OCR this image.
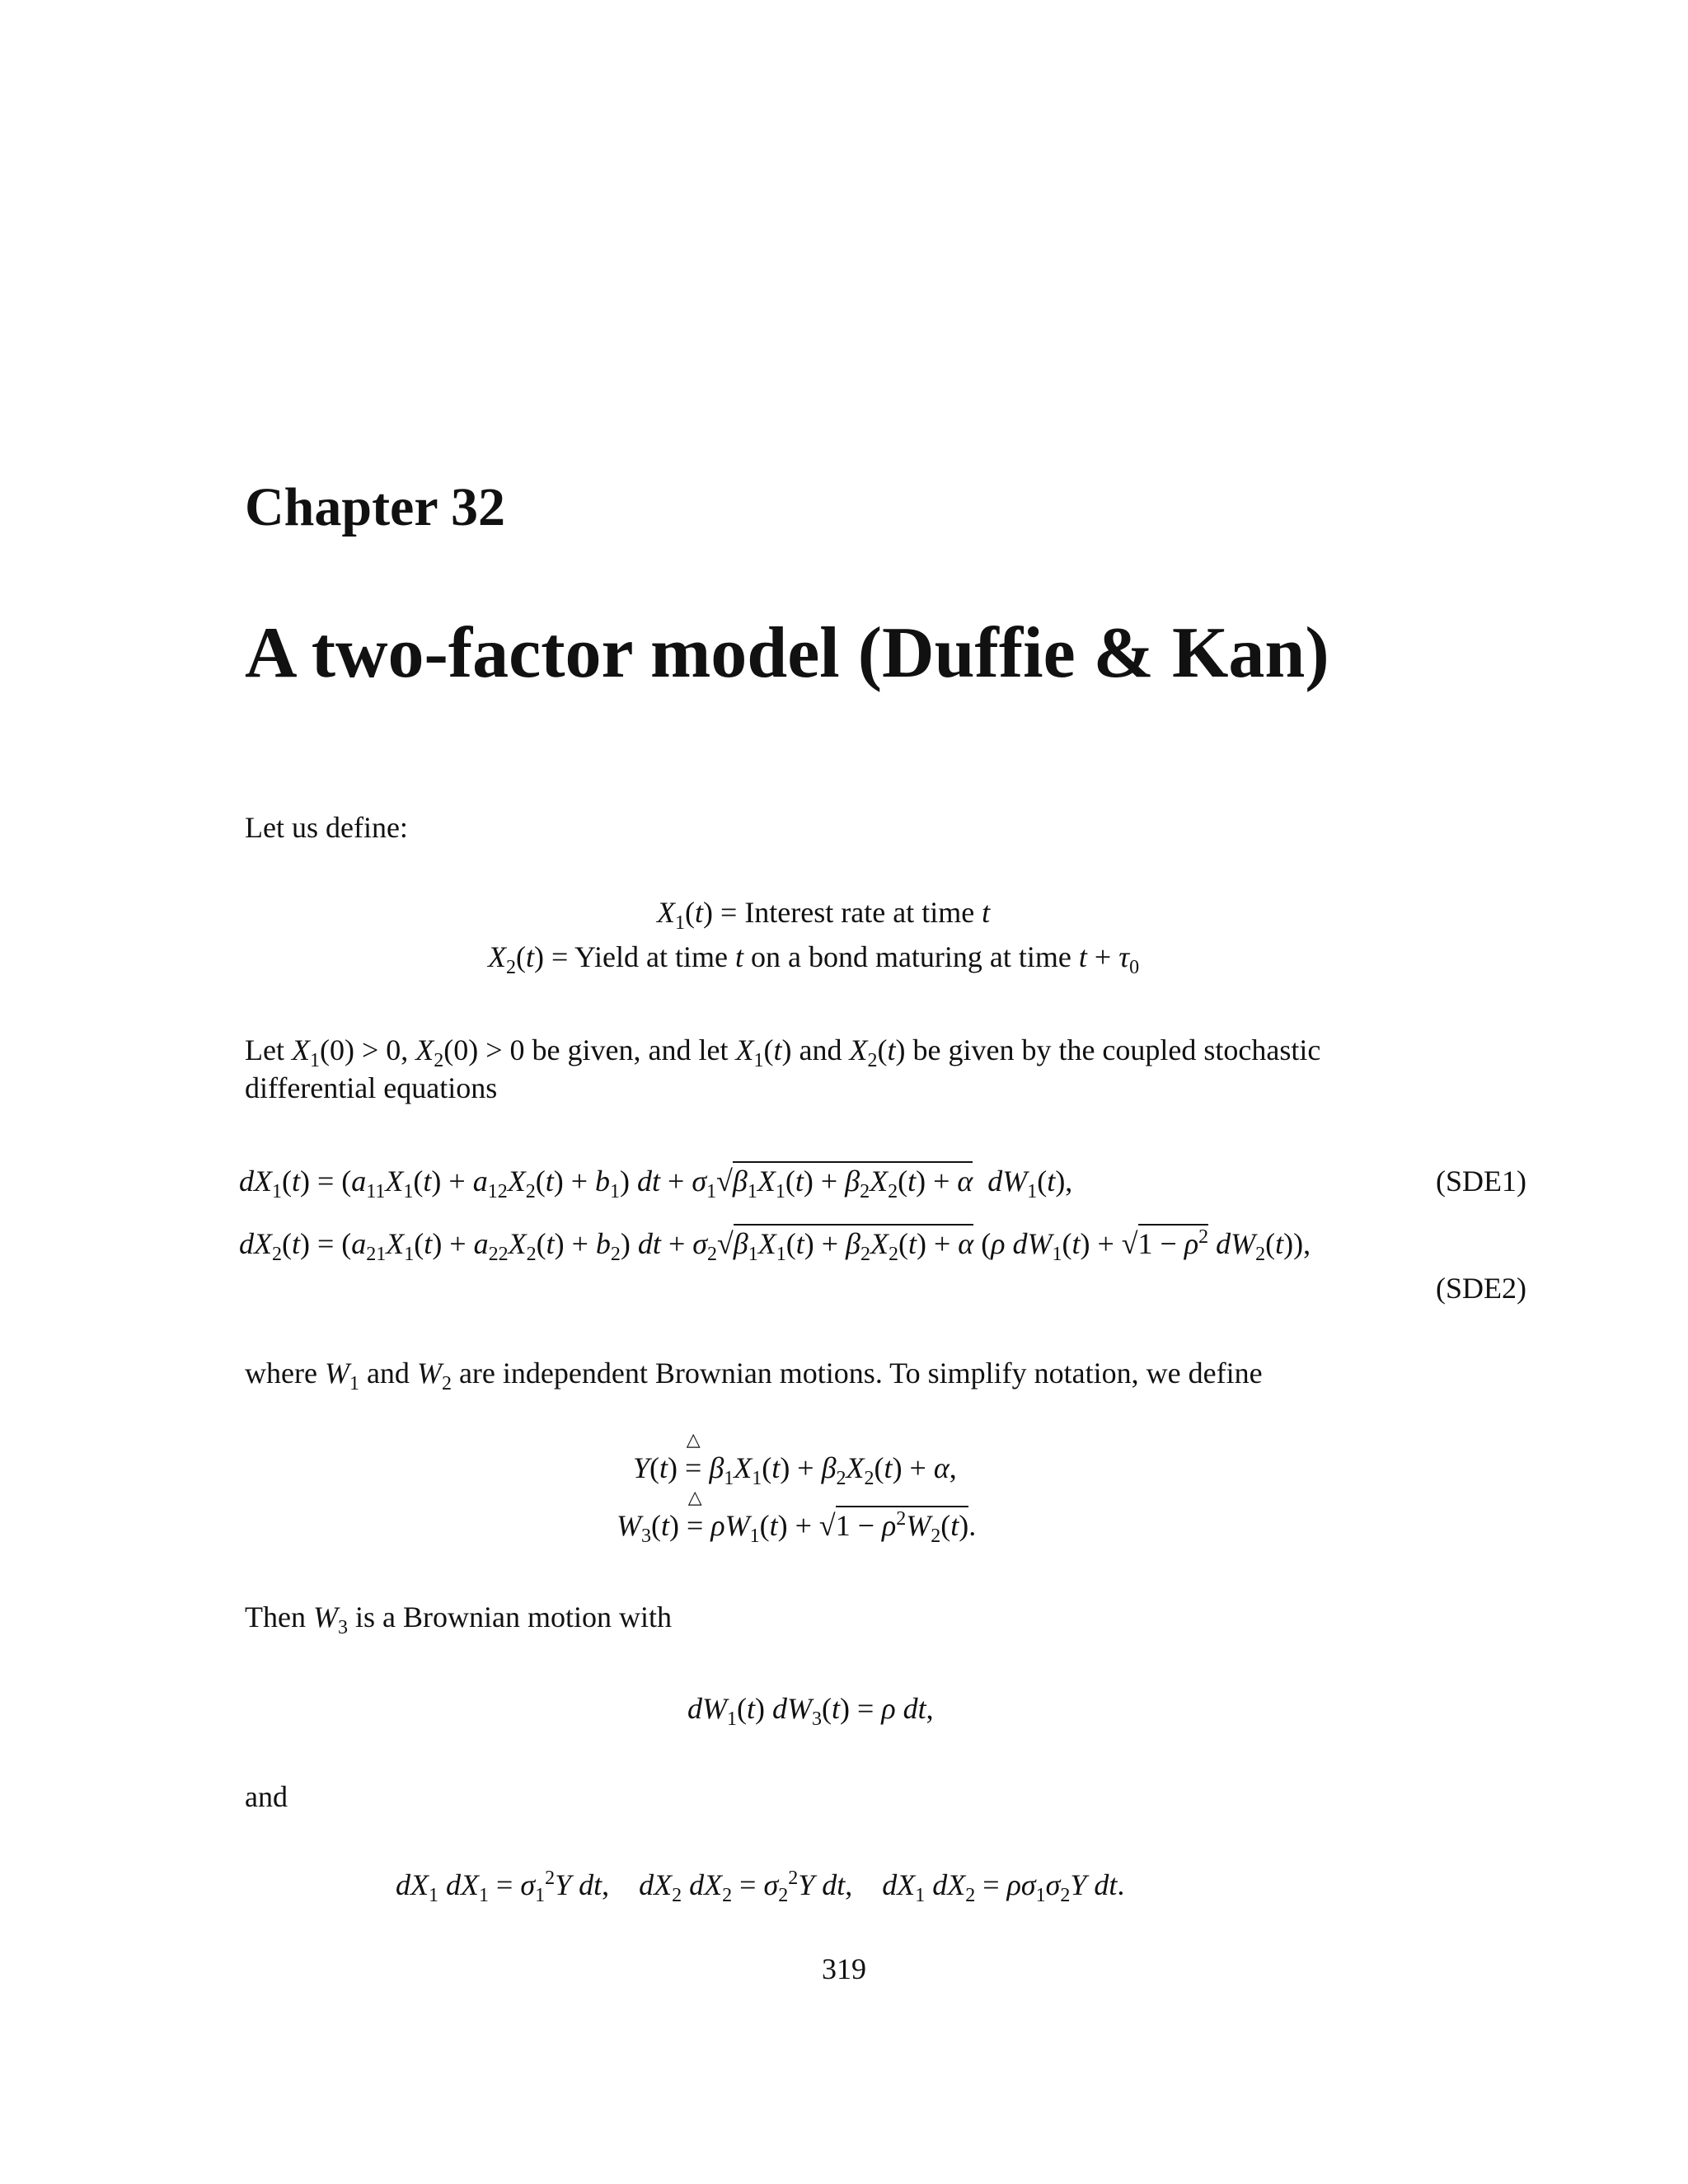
Chapter 32
A two-factor model (Duffie & Kan)
Let us define:
$X_1(t)$ = Interest rate at time t
$X_2(t)$ = Yield at time t on a bond maturing at time $t + \tau_0$
Let $X_1(0) > 0$, $X_2(0) > 0$ be given, and let $X_1(t)$ and $X_2(t)$ be given by the coupled stochastic
differential equations
$dX_1(t) = (a_{11}X_1(t) + a_{12}X_2(t) + b_1)$ dt + $\sigma_1√\beta_1X_1(t) + \beta_2X_2(t) + \alpha$ $dW_1(t)$,	(SDE1)
$dX_2(t) = (a_{21}X_1(t) + a_{22}X_2(t) + b_2)$ dt + $\sigma_2√\beta_1X_1(t) + \beta_2X_2(t) + \alpha$ (ρ $dW_1(t) + √1 - \rho^2$ $dW_2(t)$),
(SDE2)
where $W_1$ and $W_2$ are independent Brownian motions. To simplify notation, we define
Y(t)
△
= $\beta_1X_1(t) + \beta_2X_2(t) + \alpha$,
$W_3(t)$
△
= $\rho W_1(t) + √1 - \rho^2W_2(t)$.
Then $W_3$ is a Brownian motion with
$dW_1(t) dW_3(t) = \rho$ dt,
and
$dX_1$ $dX_1 = \sigma_1^2Y$ dt,    $dX_2$ $dX_2 = \sigma_2^2Y$ dt,    $dX_1$ $dX_2 = \rho\sigma_1\sigma_2Y$ dt.
319
